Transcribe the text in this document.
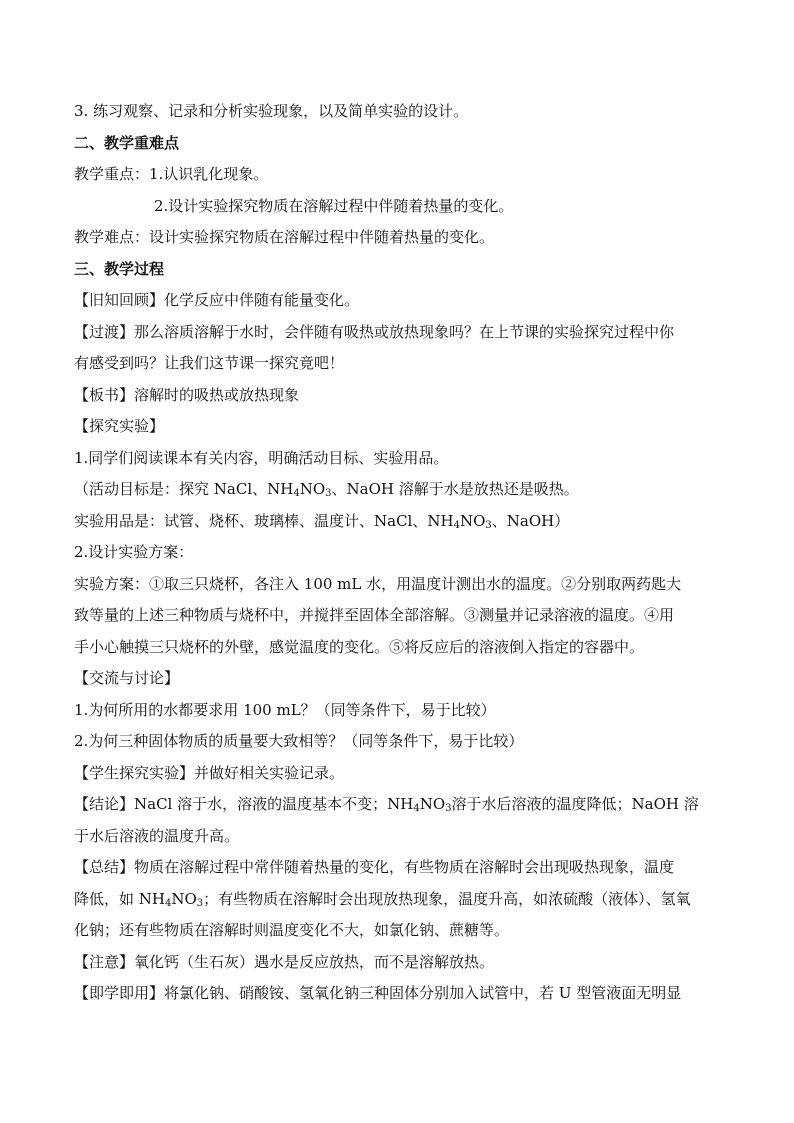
3. 练习观察、记录和分析实验现象，以及简单实验的设计。
二、教学重难点
教学重点：1.认识乳化现象。
2.设计实验探究物质在溶解过程中伴随着热量的变化。
教学难点：设计实验探究物质在溶解过程中伴随着热量的变化。
三、教学过程
【旧知回顾】化学反应中伴随有能量变化。
【过渡】那么溶质溶解于水时，会伴随有吸热或放热现象吗？在上节课的实验探究过程中你
有感受到吗？让我们这节课一探究竟吧！
【板书】溶解时的吸热或放热现象
【探究实验】
1.同学们阅读课本有关内容，明确活动目标、实验用品。
（活动目标是：探究 NaCl、$NH_4NO_3$、NaOH 溶解于水是放热还是吸热。
实验用品是：试管、烧杯、玻璃棒、温度计、NaCl、$NH_4NO_3$、NaOH）
2.设计实验方案：
实验方案：①取三只烧杯，各注入 100 mL 水，用温度计测出水的温度。②分别取两药匙大
致等量的上述三种物质与烧杯中，并搅拌至固体全部溶解。③测量并记录溶液的温度。④用
手小心触摸三只烧杯的外壁，感觉温度的变化。⑤将反应后的溶液倒入指定的容器中。
【交流与讨论】
1.为何所用的水都要求用 100 mL？（同等条件下，易于比较）
2.为何三种固体物质的质量要大致相等？（同等条件下，易于比较）
【学生探究实验】并做好相关实验记录。
【结论】NaCl 溶于水，溶液的温度基本不变；$NH_4NO_3$溶于水后溶液的温度降低；NaOH 溶
于水后溶液的温度升高。
【总结】物质在溶解过程中常伴随着热量的变化，有些物质在溶解时会出现吸热现象，温度
降低，如 $NH_4NO_3$；有些物质在溶解时会出现放热现象，温度升高，如浓硫酸（液体）、氢氧
化钠；还有些物质在溶解时则温度变化不大，如氯化钠、蔗糖等。
【注意】氧化钙（生石灰）遇水是反应放热，而不是溶解放热。
【即学即用】将氯化钠、硝酸铵、氢氧化钠三种固体分别加入试管中，若 U 型管液面无明显
